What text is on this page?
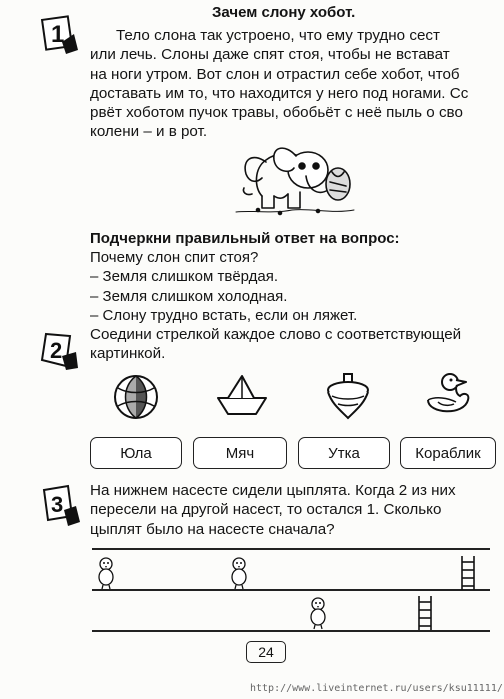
1
Зачем слону хобот.
Тело слона так устроено, что ему трудно сест
или лечь. Слоны даже спят стоя, чтобы не встават
на ноги утром. Вот слон и отрастил себе хобот, чтоб
доставать им то, что находится у него под ногами. Сс
рвёт хоботом пучок травы, обобьёт с неё пыль о сво
колени – и в рот.
Подчеркни правильный ответ на вопрос:
Почему слон спит стоя?
– Земля слишком твёрдая.
– Земля слишком холодная.
– Слону трудно встать, если он ляжет.
2
Соедини стрелкой каждое слово с соответствующей
картинкой.
Юла	Мяч	Утка	Кораблик
3
На нижнем насесте сидели цыплята. Когда 2 из них
пересели на другой насест, то остался 1. Сколько
цыплят было на насесте сначала?
24
http://www.liveinternet.ru/users/ksu11111/
